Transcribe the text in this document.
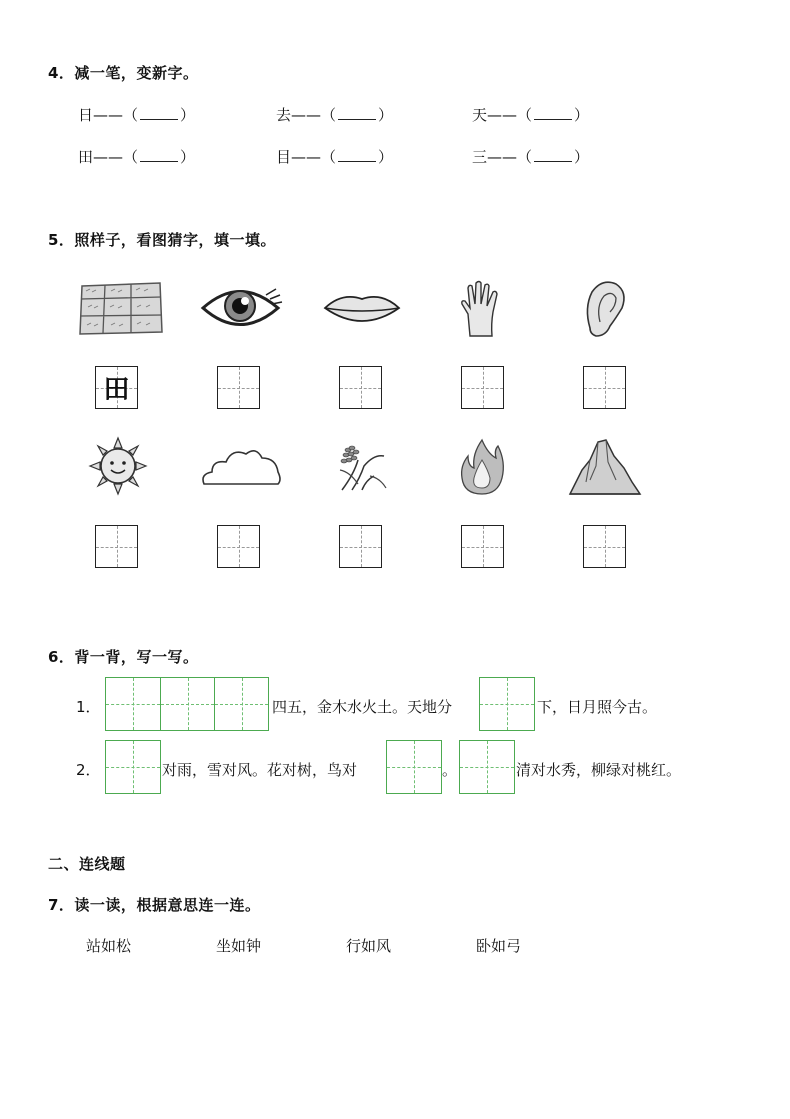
4．减一笔，变新字。
日——（	）	去——（	）	天——（	）
田——（	）	目——（	）	三——（	）
5．照样子，看图猜字，填一填。
田
6．背一背，写一写。
1．	四五，金木水火土。天地分	下，日月照今古。
2．	对雨，雪对风。花对树，鸟对	。	清对水秀，柳绿对桃红。
二、连线题
7．读一读，根据意思连一连。
站如松	坐如钟	行如风	卧如弓
